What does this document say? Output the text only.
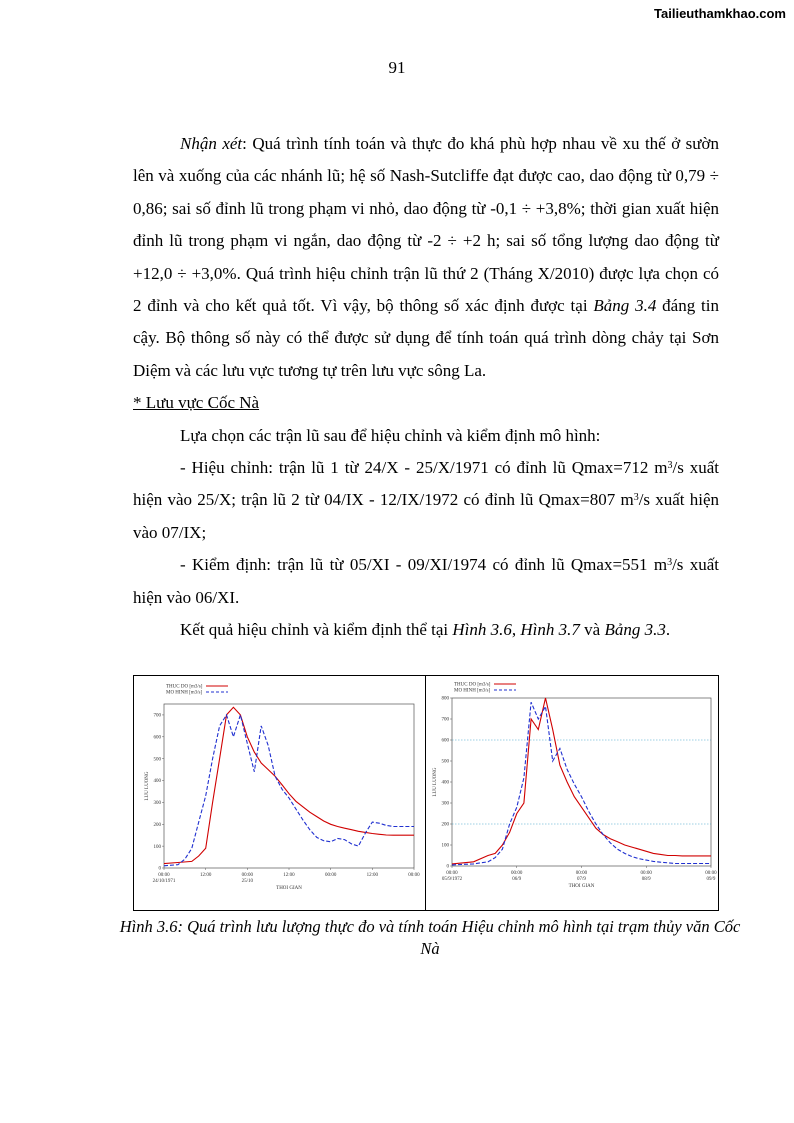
Tailieuthamkhao.com
91

Nhận xét: Quá trình tính toán và thực đo khá phù hợp nhau về xu thế ở sườn lên và xuống của các nhánh lũ; hệ số Nash-Sutcliffe đạt được cao, dao động từ 0,79 ÷ 0,86; sai số đỉnh lũ trong phạm vi nhỏ, dao động từ -0,1 ÷ +3,8%; thời gian xuất hiện đỉnh lũ trong phạm vi ngắn, dao động từ -2 ÷ +2 h; sai số tổng lượng dao động từ +12,0 ÷ +3,0%. Quá trình hiệu chỉnh trận lũ thứ 2 (Tháng X/2010) được lựa chọn có 2 đỉnh và cho kết quả tốt. Vì vậy, bộ thông số xác định được tại Bảng 3.4 đáng tin cậy. Bộ thông số này có thể được sử dụng để tính toán quá trình dòng chảy tại Sơn Diệm và các lưu vực tương tự trên lưu vực sông La.

* Lưu vực Cốc Nà

Lựa chọn các trận lũ sau để hiệu chỉnh và kiểm định mô hình:

- Hiệu chỉnh: trận lũ 1 từ 24/X - 25/X/1971 có đỉnh lũ Qmax=712 $m^3/s$ xuất hiện vào 25/X; trận lũ 2 từ 04/IX - 12/IX/1972 có đỉnh lũ Qmax=807 $m^3/s$ xuất hiện vào 07/IX;

- Kiểm định: trận lũ từ 05/XI - 09/XI/1974 có đỉnh lũ Qmax=551 $m^3/s$ xuất hiện vào 06/XI.

Kết quả hiệu chỉnh và kiểm định thể tại Hình 3.6, Hình 3.7 và Bảng 3.3.

0
100
200
300
400
500
600
700
00:00
24/10/1971
12:00	00:00
25/10
12:00	00:00	12:00	00:00
THOI GIAN
LUU LUONG
THUC DO [m3/s]
MO HINH [m3/s]
0
100
200
300
400
500
600
700
800
00:00
05/9/1972
00:00
06/9
00:00
07/9
00:00
08/9
00:00
09/9
THOI GIAN
LUU LUONG
THUC DO [m3/s]
MO HINH [m3/s]
Hình 3.6: Quá trình lưu lượng thực đo và tính toán Hiệu chỉnh mô hình tại trạm thủy văn Cốc Nà
